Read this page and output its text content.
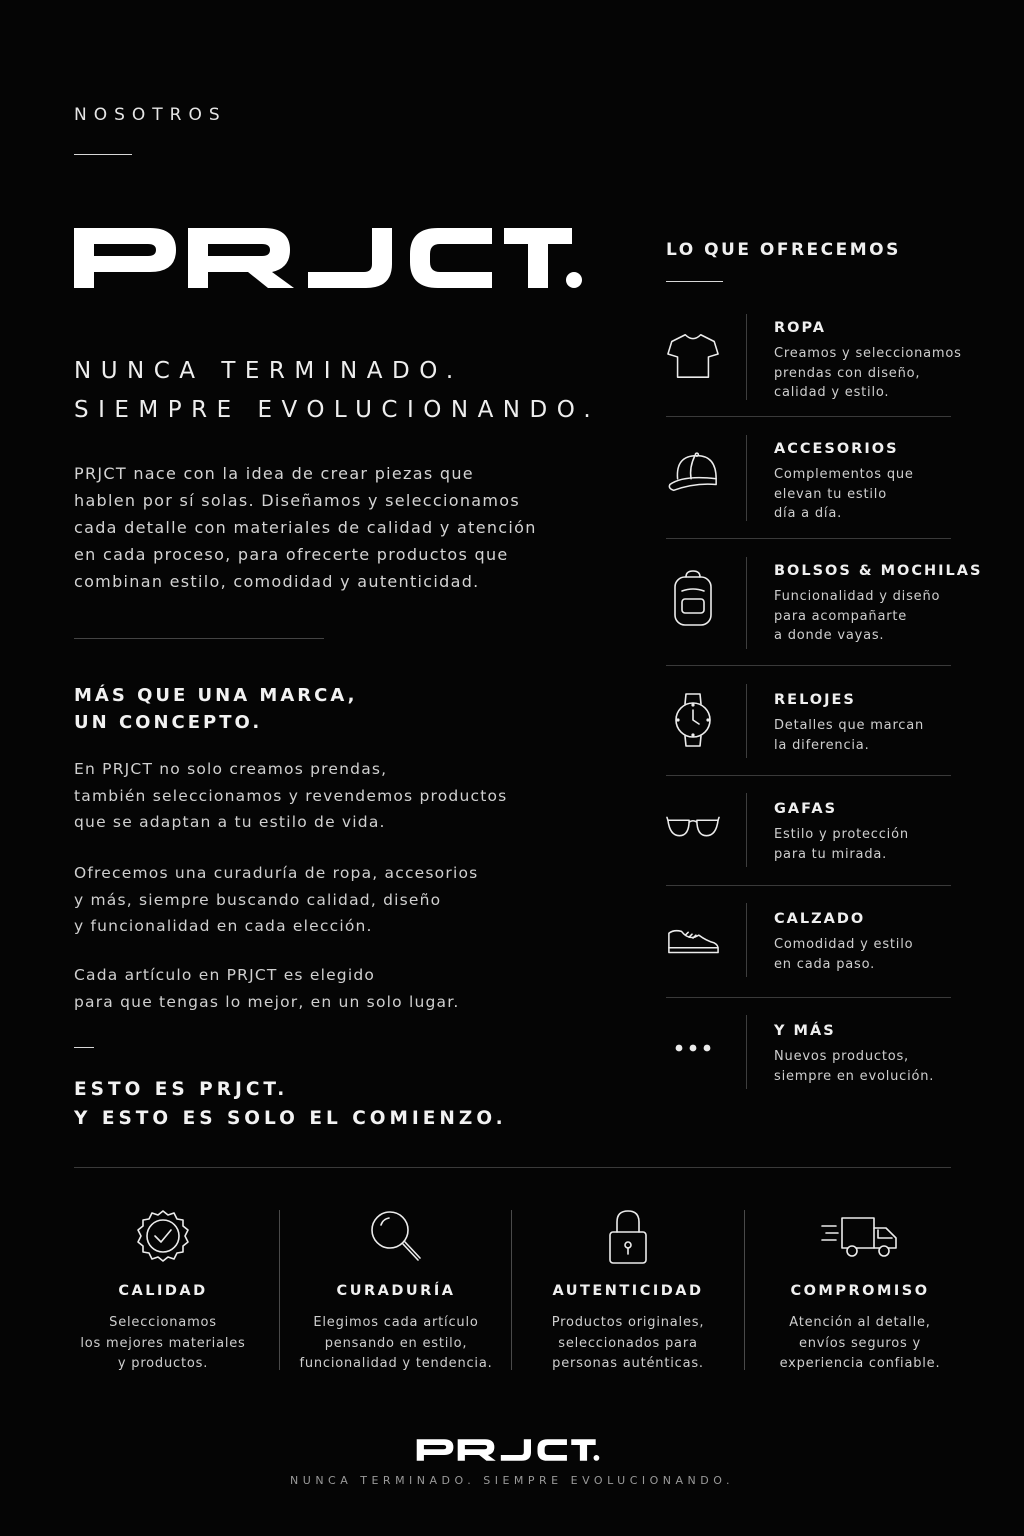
NOSOTROS
NUNCA TERMINADO.
SIEMPRE EVOLUCIONANDO.
PRJCT nace con la idea de crear piezas que
hablen por sí solas. Diseñamos y seleccionamos
cada detalle con materiales de calidad y atención
en cada proceso, para ofrecerte productos que
combinan estilo, comodidad y autenticidad.
MÁS QUE UNA MARCA,
UN CONCEPTO.
En PRJCT no solo creamos prendas,
también seleccionamos y revendemos productos
que se adaptan a tu estilo de vida.
Ofrecemos una curaduría de ropa, accesorios
y más, siempre buscando calidad, diseño
y funcionalidad en cada elección.
Cada artículo en PRJCT es elegido
para que tengas lo mejor, en un solo lugar.
ESTO ES PRJCT.
Y ESTO ES SOLO EL COMIENZO.
LO QUE OFRECEMOS
ROPA
Creamos y seleccionamos
prendas con diseño,
calidad y estilo.
ACCESORIOS
Complementos que
elevan tu estilo
día a día.
BOLSOS & MOCHILAS
Funcionalidad y diseño
para acompañarte
a donde vayas.
RELOJES
Detalles que marcan
la diferencia.
GAFAS
Estilo y protección
para tu mirada.
CALZADO
Comodidad y estilo
en cada paso.
Y MÁS
Nuevos productos,
siempre en evolución.
CALIDAD
Seleccionamos
los mejores materiales
y productos.
CURADURÍA
Elegimos cada artículo
pensando en estilo,
funcionalidad y tendencia.
AUTENTICIDAD
Productos originales,
seleccionados para
personas auténticas.
COMPROMISO
Atención al detalle,
envíos seguros y
experiencia confiable.
NUNCA TERMINADO. SIEMPRE EVOLUCIONANDO.
